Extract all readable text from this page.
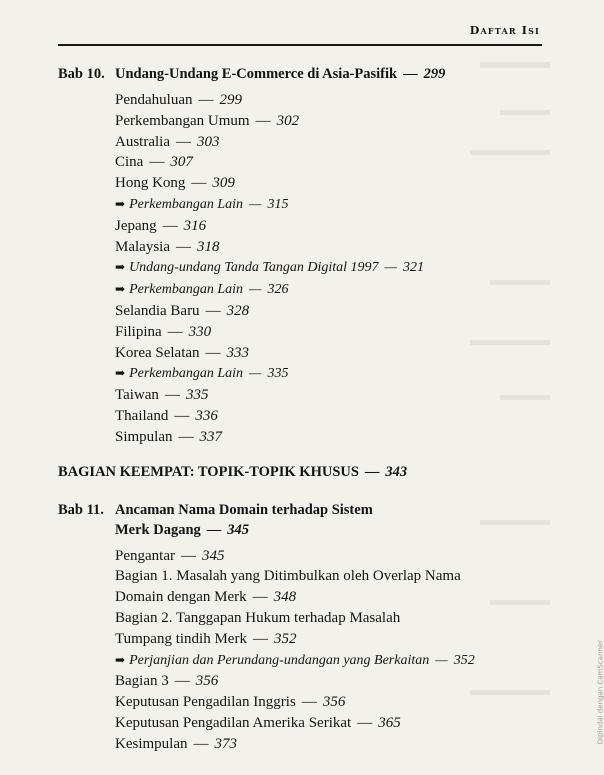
Daftar Isi
Bab 10. Undang-Undang E-Commerce di Asia-Pasifik — 299
Pendahuluan — 299
Perkembangan Umum — 302
Australia — 303
Cina — 307
Hong Kong — 309
➡ Perkembangan Lain — 315
Jepang — 316
Malaysia — 318
➡ Undang-undang Tanda Tangan Digital 1997 — 321
➡ Perkembangan Lain — 326
Selandia Baru — 328
Filipina — 330
Korea Selatan — 333
➡ Perkembangan Lain — 335
Taiwan — 335
Thailand — 336
Simpulan — 337
BAGIAN KEEMPAT: TOPIK-TOPIK KHUSUS — 343
Bab 11. Ancaman Nama Domain terhadap Sistem
Merk Dagang — 345
Pengantar — 345
Bagian 1. Masalah yang Ditimbulkan oleh Overlap Nama
Domain dengan Merk — 348
Bagian 2. Tanggapan Hukum terhadap Masalah
Tumpang tindih Merk — 352
➡ Perjanjian dan Perundang-undangan yang Berkaitan — 352
Bagian 3 — 356
Keputusan Pengadilan Inggris — 356
Keputusan Pengadilan Amerika Serikat — 365
Kesimpulan — 373	Dipindai dengan CamScanner
